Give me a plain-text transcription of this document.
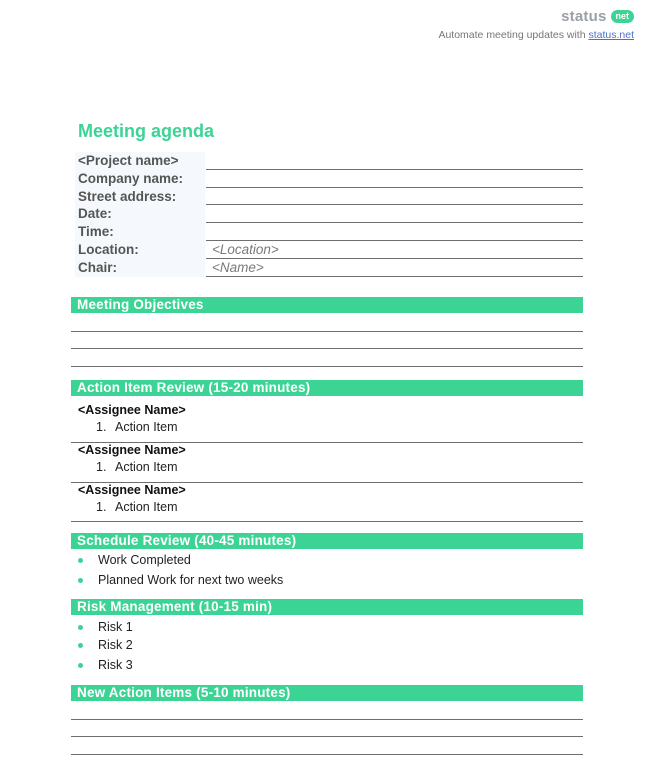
status	net
Automate meeting updates with status.net
Meeting agenda
<Project name>
Company name:
Street address:
Date:
Time:
Location:	<Location>
Chair:	<Name>
Meeting Objectives
Action Item Review (15-20 minutes)
<Assignee Name>
1. Action Item
<Assignee Name>
1. Action Item
<Assignee Name>
1. Action Item
Schedule Review (40-45 minutes)
Work Completed
Planned Work for next two weeks
Risk Management (10-15 min)
Risk 1
Risk 2
Risk 3
New Action Items (5-10 minutes)
